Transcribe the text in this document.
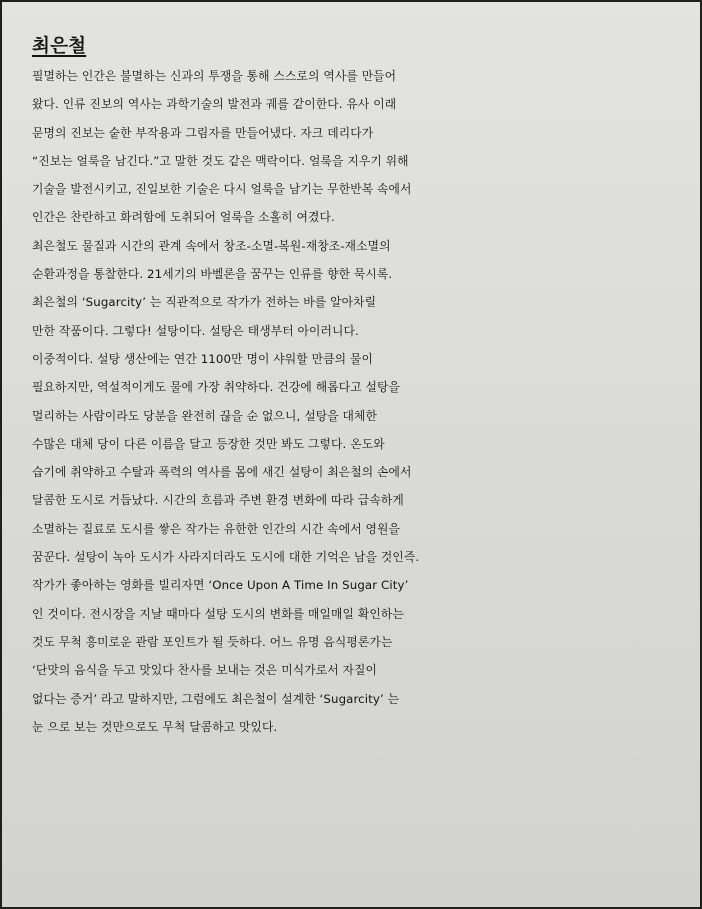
최은철
필멸하는 인간은 불멸하는 신과의 투쟁을 통해 스스로의 역사를 만들어
왔다. 인류 진보의 역사는 과학기술의 발전과 궤를 같이한다. 유사 이래
문명의 진보는 숱한 부작용과 그림자를 만들어냈다. 자크 데리다가
“진보는 얼룩을 남긴다.”고 말한 것도 같은 맥락이다. 얼룩을 지우기 위해
기술을 발전시키고, 진일보한 기술은 다시 얼룩을 남기는 무한반복 속에서
인간은 찬란하고 화려함에 도취되어 얼룩을 소홀히 여겼다.
최은철도 물질과 시간의 관계 속에서 창조-소멸-복원-재창조-재소멸의
순환과정을 통찰한다. 21세기의 바벨론을 꿈꾸는 인류를 향한 묵시록.
최은철의 ‘Sugarcity’ 는 직관적으로 작가가 전하는 바를 알아차릴
만한 작품이다. 그렇다! 설탕이다. 설탕은 태생부터 아이러니다.
이중적이다. 설탕 생산에는 연간 1100만 명이 샤워할 만큼의 물이
필요하지만, 역설적이게도 물에 가장 취약하다. 건강에 해롭다고 설탕을
멀리하는 사람이라도 당분을 완전히 끊을 순 없으니, 설탕을 대체한
수많은 대체 당이 다른 이름을 달고 등장한 것만 봐도 그렇다. 온도와
습기에 취약하고 수탈과 폭력의 역사를 몸에 새긴 설탕이 최은철의 손에서
달콤한 도시로 거듭났다. 시간의 흐름과 주변 환경 변화에 따라 급속하게
소멸하는 질료로 도시를 쌓은 작가는 유한한 인간의 시간 속에서 영원을
꿈꾼다. 설탕이 녹아 도시가 사라지더라도 도시에 대한 기억은 남을 것인즉.
작가가 좋아하는 영화를 빌리자면 ‘Once Upon A Time In Sugar City’
인 것이다. 전시장을 지날 때마다 설탕 도시의 변화를 매일매일 확인하는
것도 무척 흥미로운 관람 포인트가 될 듯하다. 어느 유명 음식평론가는
‘단맛의 음식을 두고 맛있다 찬사를 보내는 것은 미식가로서 자질이
없다는 증거’ 라고 말하지만, 그럼에도 최은철이 설계한 ‘Sugarcity’ 는
눈 으로 보는 것만으로도 무척 달콤하고 맛있다.
